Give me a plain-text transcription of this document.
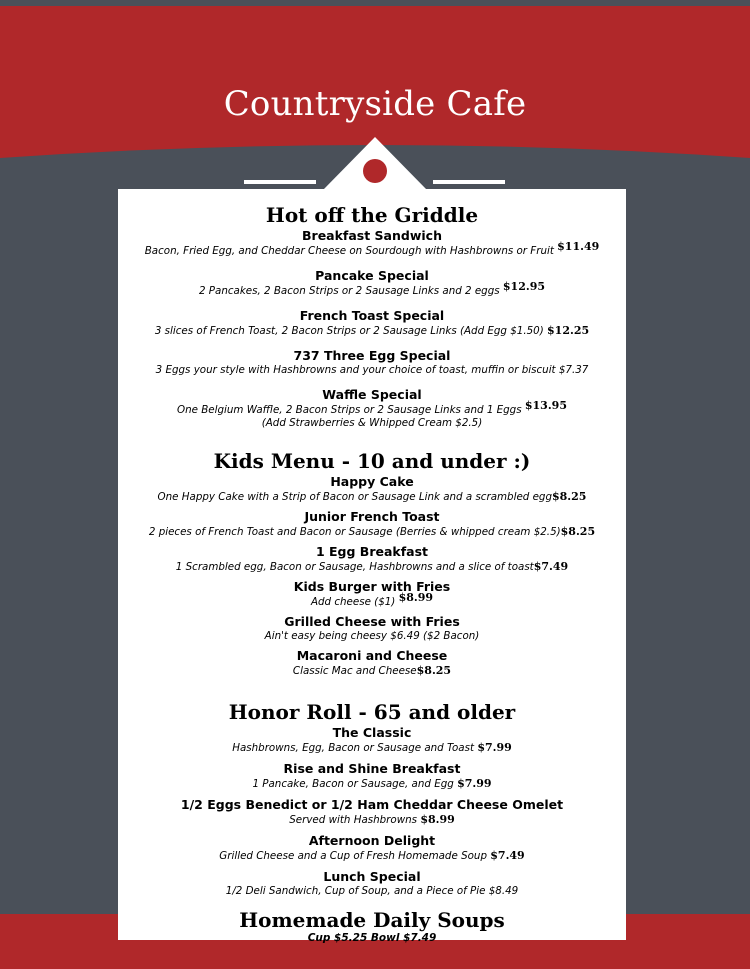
Countryside Cafe
Hot off the Griddle
Breakfast Sandwich
Bacon, Fried Egg, and Cheddar Cheese on Sourdough with Hashbrowns or Fruit $11.49
Pancake Special
2 Pancakes, 2 Bacon Strips or 2 Sausage Links and 2 eggs $12.95
French Toast Special
3 slices of French Toast, 2 Bacon Strips or 2 Sausage Links (Add Egg $1.50) $12.25
737 Three Egg Special
3 Eggs your style with Hashbrowns and your choice of toast, muffin or biscuit $7.37
Waffle Special
One Belgium Waffle, 2 Bacon Strips or 2 Sausage Links and 1 Eggs $13.95
(Add Strawberries & Whipped Cream $2.5)
Kids Menu - 10 and under :)
Happy Cake
One Happy Cake with a Strip of Bacon or Sausage Link and a scrambled egg$8.25
Junior French Toast
2 pieces of French Toast and Bacon or Sausage (Berries & whipped cream $2.5)$8.25
1 Egg Breakfast
1 Scrambled egg, Bacon or Sausage, Hashbrowns and a slice of toast$7.49
Kids Burger with Fries
Add cheese ($1) $8.99
Grilled Cheese with Fries
Ain't easy being cheesy $6.49 ($2 Bacon)
Macaroni and Cheese
Classic Mac and Cheese$8.25
Honor Roll - 65 and older
The Classic
Hashbrowns, Egg, Bacon or Sausage and Toast $7.99
Rise and Shine Breakfast
1 Pancake, Bacon or Sausage, and Egg $7.99
1/2 Eggs Benedict or 1/2 Ham Cheddar Cheese Omelet
Served with Hashbrowns $8.99
Afternoon Delight
Grilled Cheese and a Cup of Fresh Homemade Soup $7.49
Lunch Special
1/2 Deli Sandwich, Cup of Soup, and a Piece of Pie $8.49
Homemade Daily Soups
Cup $5.25 Bowl $7.49
